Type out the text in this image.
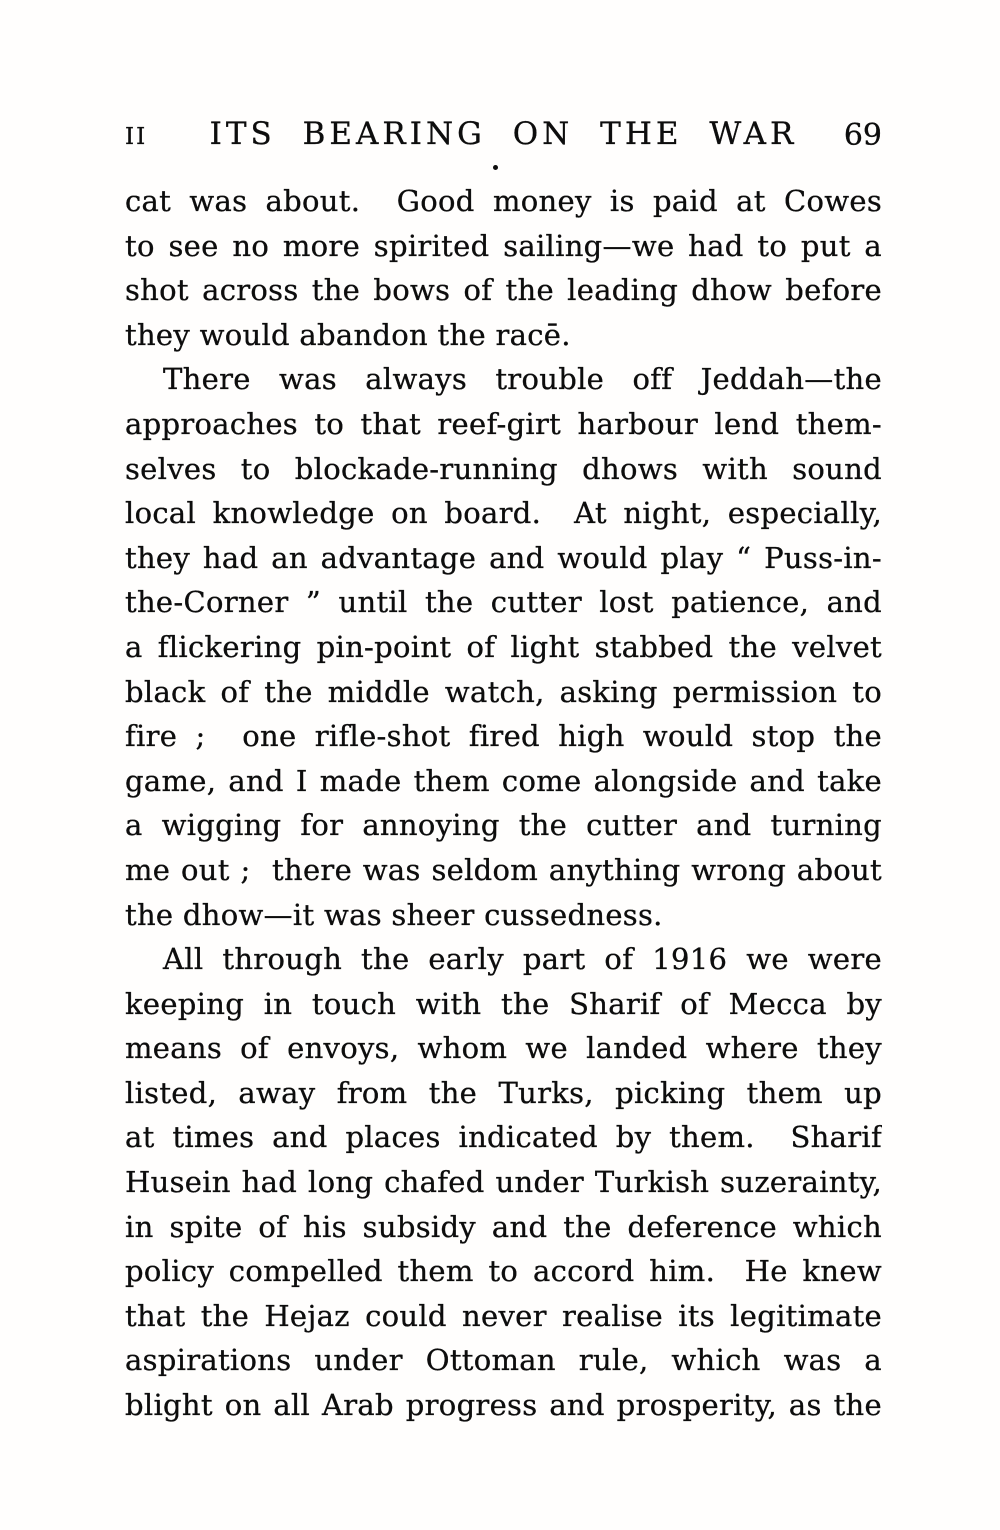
II	ITS BEARING ON THE WAR	69
cat was about.  Good money is paid at Cowes
to see no more spirited sailing—we had to put a
shot across the bows of the leading dhow before
they would abandon the racē.
There was always trouble off Jeddah—the
approaches to that reef-girt harbour lend them-
selves to blockade-running dhows with sound
local knowledge on board.  At night, especially,
they had an advantage and would play “ Puss-in-
the-Corner ” until the cutter lost patience, and
a flickering pin-point of light stabbed the velvet
black of the middle watch, asking permission to
fire ;  one rifle-shot fired high would stop the
game, and I made them come alongside and take
a wigging for annoying the cutter and turning
me out ;  there was seldom anything wrong about
the dhow—it was sheer cussedness.
All through the early part of 1916 we were
keeping in touch with the Sharif of Mecca by
means of envoys, whom we landed where they
listed, away from the Turks, picking them up
at times and places indicated by them.  Sharif
Husein had long chafed under Turkish suzerainty,
in spite of his subsidy and the deference which
policy compelled them to accord him.  He knew
that the Hejaz could never realise its legitimate
aspirations under Ottoman rule, which was a
blight on all Arab progress and prosperity, as the
